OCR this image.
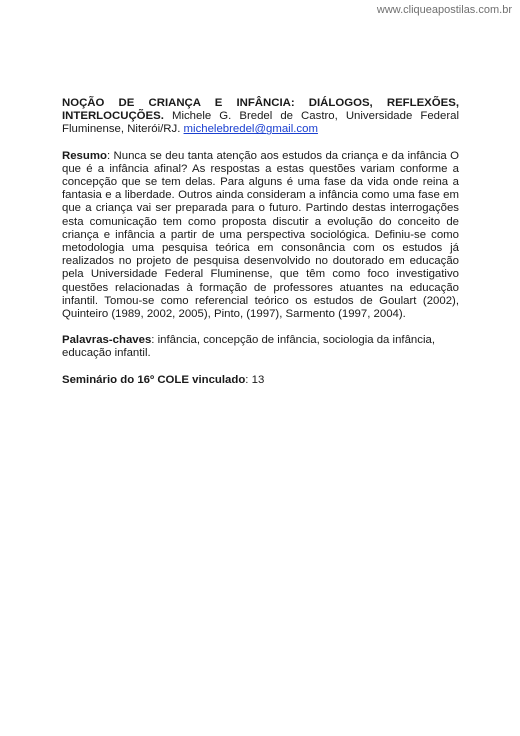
www.cliqueapostilas.com.br

NOÇÃO DE CRIANÇA E INFÂNCIA: DIÁLOGOS, REFLEXÕES, INTERLOCUÇÕES. Michele G. Bredel de Castro, Universidade Federal Fluminense, Niterói/RJ. michelebredel@gmail.com

Resumo: Nunca se deu tanta atenção aos estudos da criança e da infância O que é a infância afinal? As respostas a estas questões variam conforme a concepção que se tem delas. Para alguns é uma fase da vida onde reina a fantasia e a liberdade. Outros ainda consideram a infância como uma fase em que a criança vai ser preparada para o futuro. Partindo destas interrogações esta comunicação tem como proposta discutir a evolução do conceito de criança e infância a partir de uma perspectiva sociológica. Definiu-se como metodologia uma pesquisa teórica em consonância com os estudos já realizados no projeto de pesquisa desenvolvido no doutorado em educação pela Universidade Federal Fluminense, que têm como foco investigativo questões relacionadas à formação de professores atuantes na educação infantil. Tomou-se como referencial teórico os estudos de Goulart (2002), Quinteiro (1989, 2002, 2005), Pinto, (1997), Sarmento (1997, 2004).

Palavras-chaves: infância, concepção de infância, sociologia da infância, educação infantil.

Seminário do 16º COLE vinculado: 13
